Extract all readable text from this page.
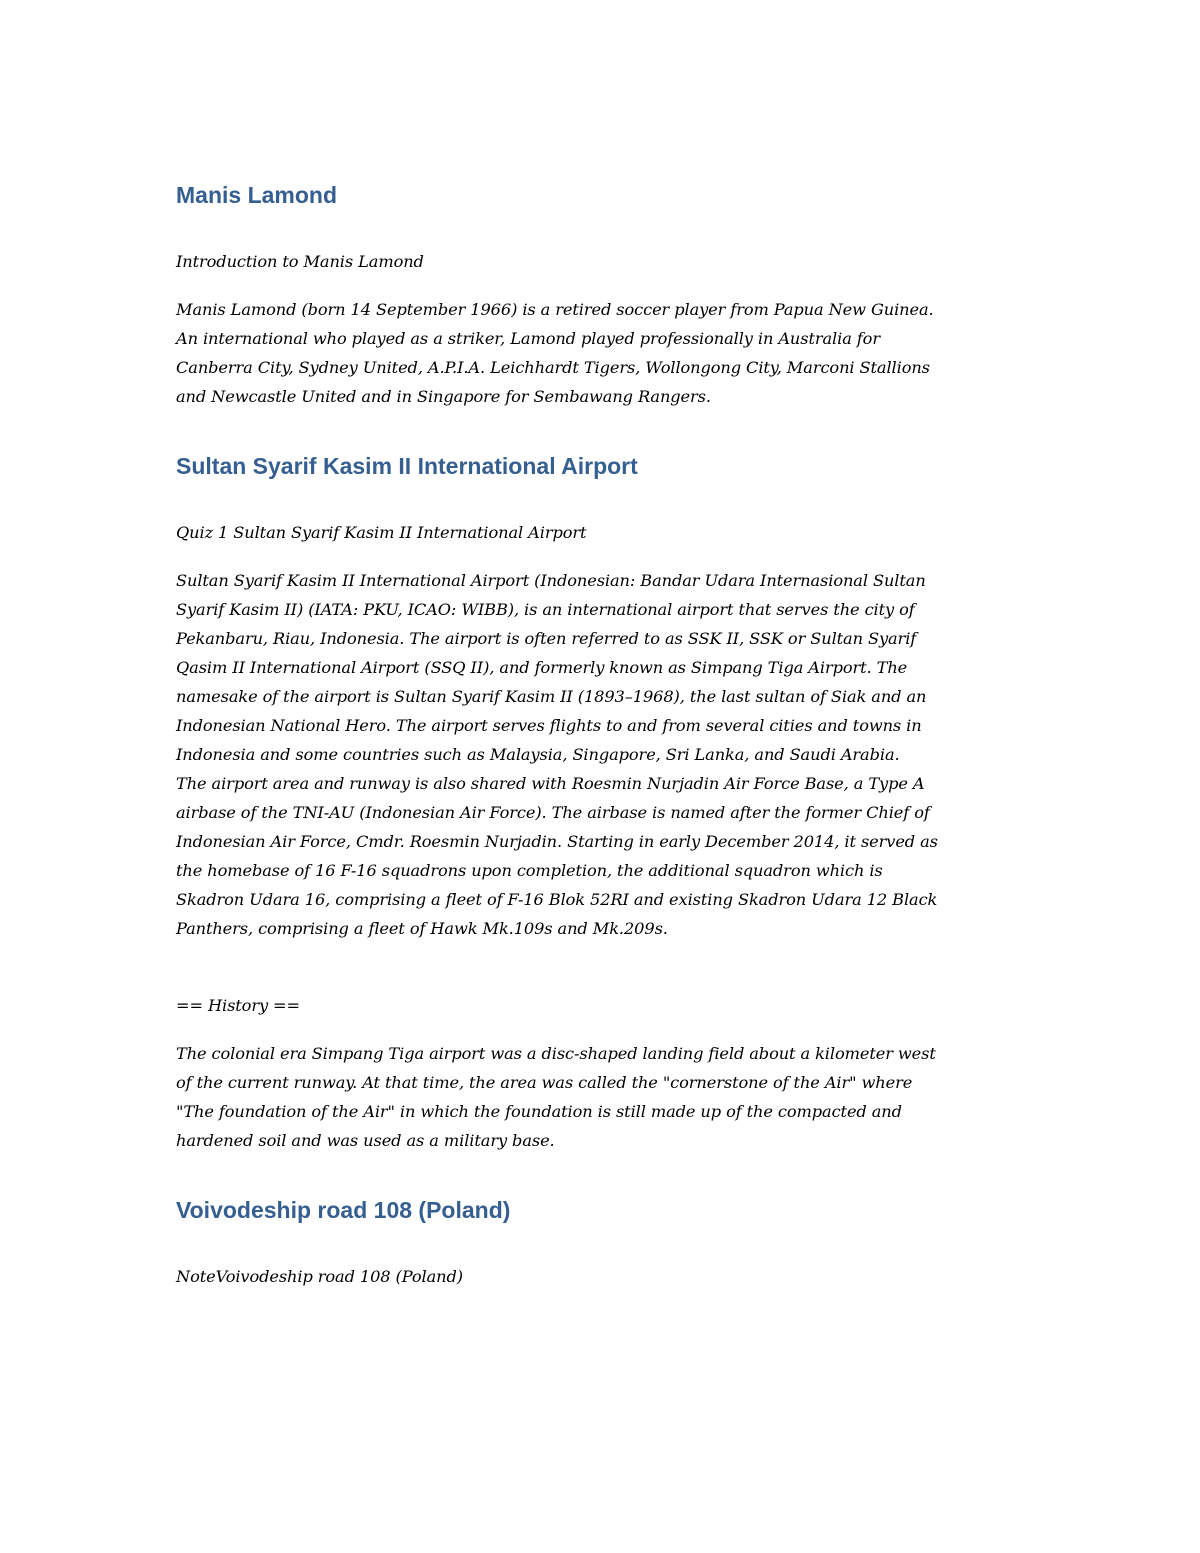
Manis Lamond

Introduction to Manis Lamond

Manis Lamond (born 14 September 1966) is a retired soccer player from Papua New Guinea.
An international who played as a striker, Lamond played professionally in Australia for
Canberra City, Sydney United, A.P.I.A. Leichhardt Tigers, Wollongong City, Marconi Stallions
and Newcastle United and in Singapore for Sembawang Rangers.

Sultan Syarif Kasim II International Airport

Quiz 1 Sultan Syarif Kasim II International Airport

Sultan Syarif Kasim II International Airport (Indonesian: Bandar Udara Internasional Sultan
Syarif Kasim II) (IATA: PKU, ICAO: WIBB), is an international airport that serves the city of
Pekanbaru, Riau, Indonesia. The airport is often referred to as SSK II, SSK or Sultan Syarif
Qasim II International Airport (SSQ II), and formerly known as Simpang Tiga Airport. The
namesake of the airport is Sultan Syarif Kasim II (1893–1968), the last sultan of Siak and an
Indonesian National Hero. The airport serves flights to and from several cities and towns in
Indonesia and some countries such as Malaysia, Singapore, Sri Lanka, and Saudi Arabia.
The airport area and runway is also shared with Roesmin Nurjadin Air Force Base, a Type A
airbase of the TNI-AU (Indonesian Air Force). The airbase is named after the former Chief of
Indonesian Air Force, Cmdr. Roesmin Nurjadin. Starting in early December 2014, it served as
the homebase of 16 F-16 squadrons upon completion, the additional squadron which is
Skadron Udara 16, comprising a fleet of F-16 Blok 52RI and existing Skadron Udara 12 Black
Panthers, comprising a fleet of Hawk Mk.109s and Mk.209s.

== History ==

The colonial era Simpang Tiga airport was a disc-shaped landing field about a kilometer west
of the current runway. At that time, the area was called the "cornerstone of the Air" where
"The foundation of the Air" in which the foundation is still made up of the compacted and
hardened soil and was used as a military base.

Voivodeship road 108 (Poland)

NoteVoivodeship road 108 (Poland)
